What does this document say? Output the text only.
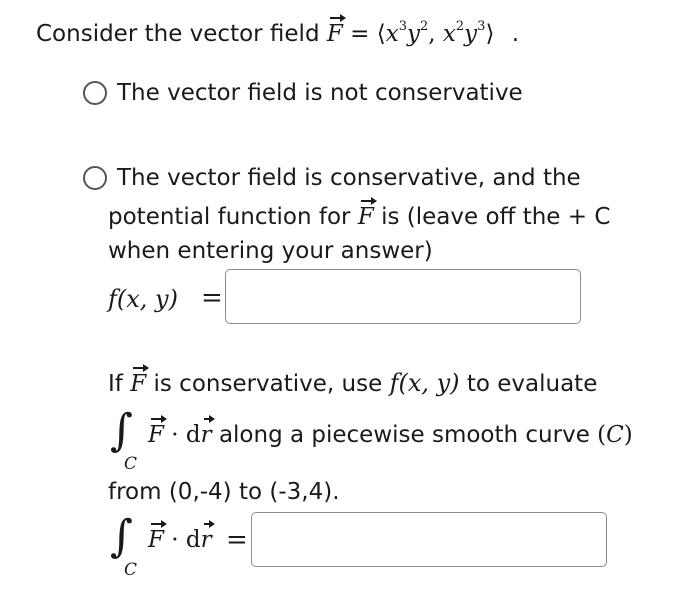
Consider the vector field $F = ⟨x^3y^2$, $x^2y^3⟩$ .
The vector field is not conservative
The vector field is conservative, and the
potential function for F is (leave off the + C
when entering your answer)
f(x, y) =
If F is conservative, use f(x, y) to evaluate
∫
C
F · dr along a piecewise smooth curve (C)
from (0,-4) to (-3,4).
∫
C
F · dr =
